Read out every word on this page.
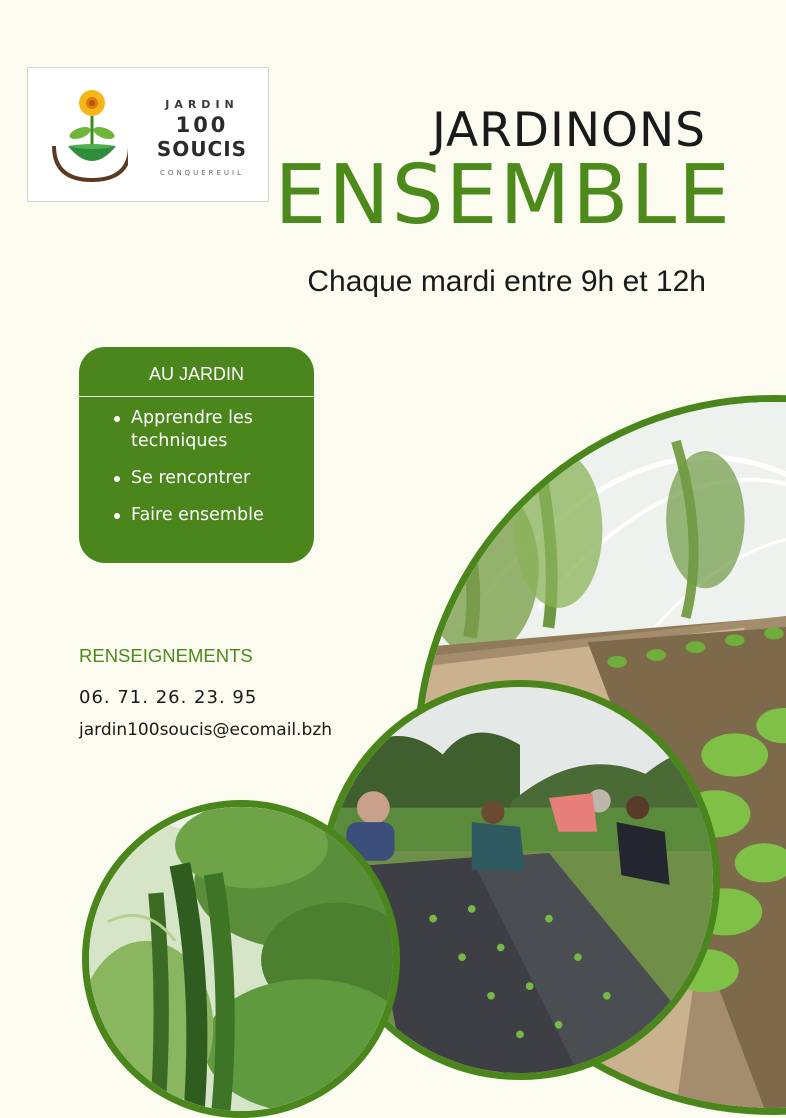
JARDIN
100
SOUCIS
CONQUEREUIL
JARDINONS
ENSEMBLE
Chaque mardi entre 9h et 12h
AU JARDIN
Apprendre les techniques
Se rencontrer
Faire ensemble
RENSEIGNEMENTS
06. 71. 26. 23. 95
jardin100soucis@ecomail.bzh
